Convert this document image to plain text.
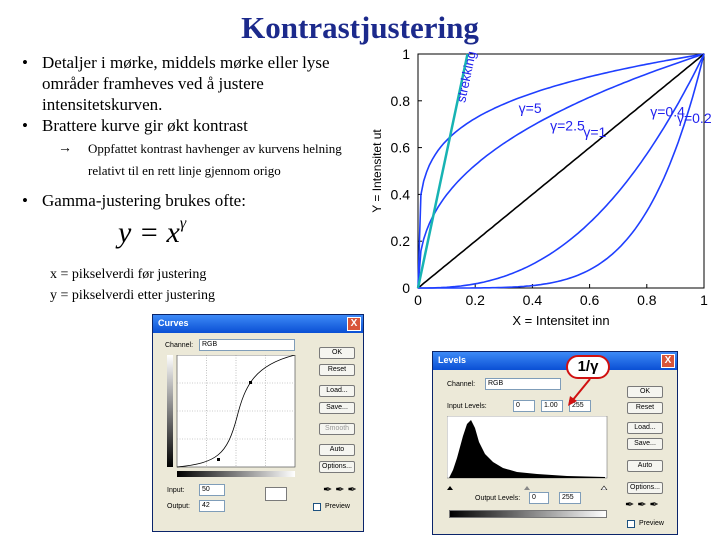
Kontrastjustering
• Detaljer i mørke, middels mørke eller lyse områder framheves ved å justere intensitetskurven.
• Brattere kurve gir økt kontrast
→ Oppfattet kontrast havhenger av kurvens helning relativt til en rett linje gjennom origo
• Gamma-justering brukes ofte:
$y = x^\gamma$
x = pikselverdi før justering
y = pikselverdi etter justering	0	0.2	0.4	0.6	0.8	1
0
0.2
0.4
0.6
0.8
1
X = Intensitet inn
Y = Intensitet ut
γ=5
γ=2.5
γ=1
γ=0.4
γ=0.2
strekking
Curves	X
Channel:	RGB
Input:	50
Output:	42
OK
Reset
Load...
Save...
Smooth
Auto
Options...
✒ ✒ ✒
Preview
Levels	X
Channel:	RGB
Input Levels:	0	1.00	255
Output Levels:	0	255
OK
Reset
Load...
Save...
Auto
Options...
✒ ✒ ✒
Preview
1/γ
